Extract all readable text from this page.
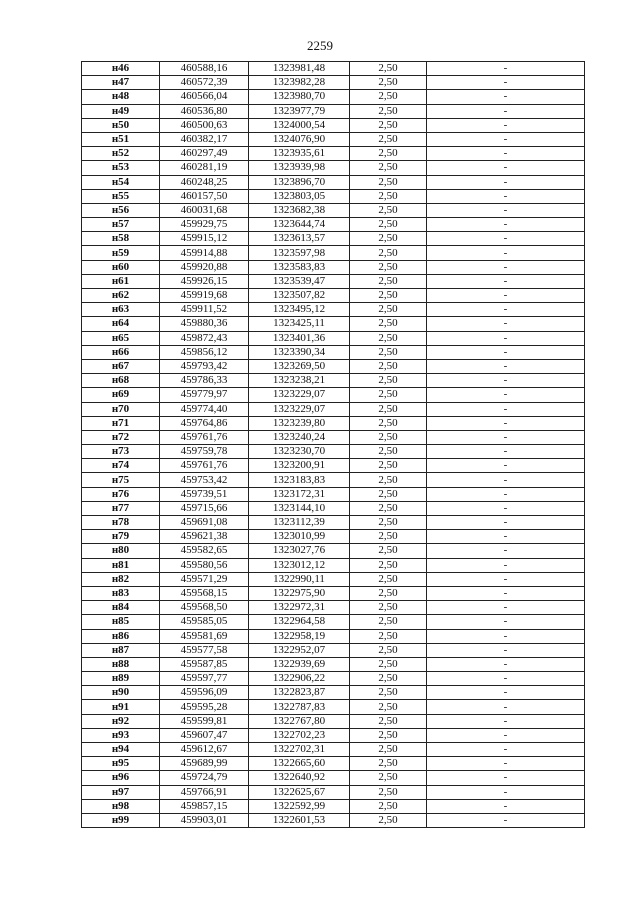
2259
н46	460588,16	1323981,48	2,50	-
н47	460572,39	1323982,28	2,50	-
н48	460566,04	1323980,70	2,50	-
н49	460536,80	1323977,79	2,50	-
н50	460500,63	1324000,54	2,50	-
н51	460382,17	1324076,90	2,50	-
н52	460297,49	1323935,61	2,50	-
н53	460281,19	1323939,98	2,50	-
н54	460248,25	1323896,70	2,50	-
н55	460157,50	1323803,05	2,50	-
н56	460031,68	1323682,38	2,50	-
н57	459929,75	1323644,74	2,50	-
н58	459915,12	1323613,57	2,50	-
н59	459914,88	1323597,98	2,50	-
н60	459920,88	1323583,83	2,50	-
н61	459926,15	1323539,47	2,50	-
н62	459919,68	1323507,82	2,50	-
н63	459911,52	1323495,12	2,50	-
н64	459880,36	1323425,11	2,50	-
н65	459872,43	1323401,36	2,50	-
н66	459856,12	1323390,34	2,50	-
н67	459793,42	1323269,50	2,50	-
н68	459786,33	1323238,21	2,50	-
н69	459779,97	1323229,07	2,50	-
н70	459774,40	1323229,07	2,50	-
н71	459764,86	1323239,80	2,50	-
н72	459761,76	1323240,24	2,50	-
н73	459759,78	1323230,70	2,50	-
н74	459761,76	1323200,91	2,50	-
н75	459753,42	1323183,83	2,50	-
н76	459739,51	1323172,31	2,50	-
н77	459715,66	1323144,10	2,50	-
н78	459691,08	1323112,39	2,50	-
н79	459621,38	1323010,99	2,50	-
н80	459582,65	1323027,76	2,50	-
н81	459580,56	1323012,12	2,50	-
н82	459571,29	1322990,11	2,50	-
н83	459568,15	1322975,90	2,50	-
н84	459568,50	1322972,31	2,50	-
н85	459585,05	1322964,58	2,50	-
н86	459581,69	1322958,19	2,50	-
н87	459577,58	1322952,07	2,50	-
н88	459587,85	1322939,69	2,50	-
н89	459597,77	1322906,22	2,50	-
н90	459596,09	1322823,87	2,50	-
н91	459595,28	1322787,83	2,50	-
н92	459599,81	1322767,80	2,50	-
н93	459607,47	1322702,23	2,50	-
н94	459612,67	1322702,31	2,50	-
н95	459689,99	1322665,60	2,50	-
н96	459724,79	1322640,92	2,50	-
н97	459766,91	1322625,67	2,50	-
н98	459857,15	1322592,99	2,50	-
н99	459903,01	1322601,53	2,50	-
